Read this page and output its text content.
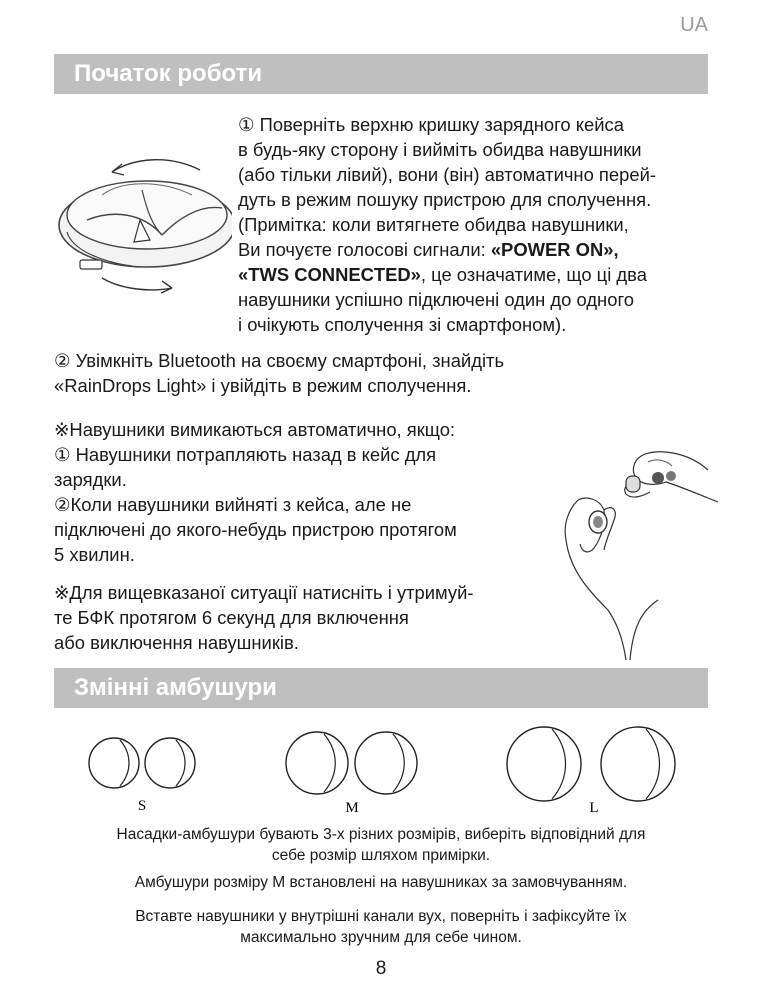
UA
Початок роботи

① Поверніть верхню кришку зарядного кейса
в будь-яку сторону і вийміть обидва навушники
(або тільки лівий), вони (він) автоматично перей-
дуть в режим пошуку пристрою для сполучення.
(Примітка: коли витягнете обидва навушники,
Ви почуєте голосові сигнали: «POWER ON»,
«TWS CONNECTED», це означатиме, що ці два
навушники успішно підключені один до одного
і очікують сполучення зі смартфоном).

② Увімкніть Bluetooth на своєму смартфоні, знайдіть
«RainDrops Light» і увійдіть в режим сполучення.

※Навушники вимикаються автоматично, якщо:
① Навушники потрапляють назад в кейс для
зарядки.
②Коли навушники вийняті з кейса, але не
підключені до якого-небудь пристрою протягом
5 хвилин.

※Для вищевказаної ситуації натисніть і утримуй-
те БФК протягом 6 секунд для включення
або виключення навушників.

Змінні амбушури
S	M	L
Насадки-амбушури бувають 3-х різних розмірів, виберіть відповідний для
себе розмір шляхом примірки.
Амбушури розміру M встановлені на навушниках за замовчуванням.
Вставте навушники у внутрішні канали вух, поверніть і зафіксуйте їх
максимально зручним для себе чином.
8
